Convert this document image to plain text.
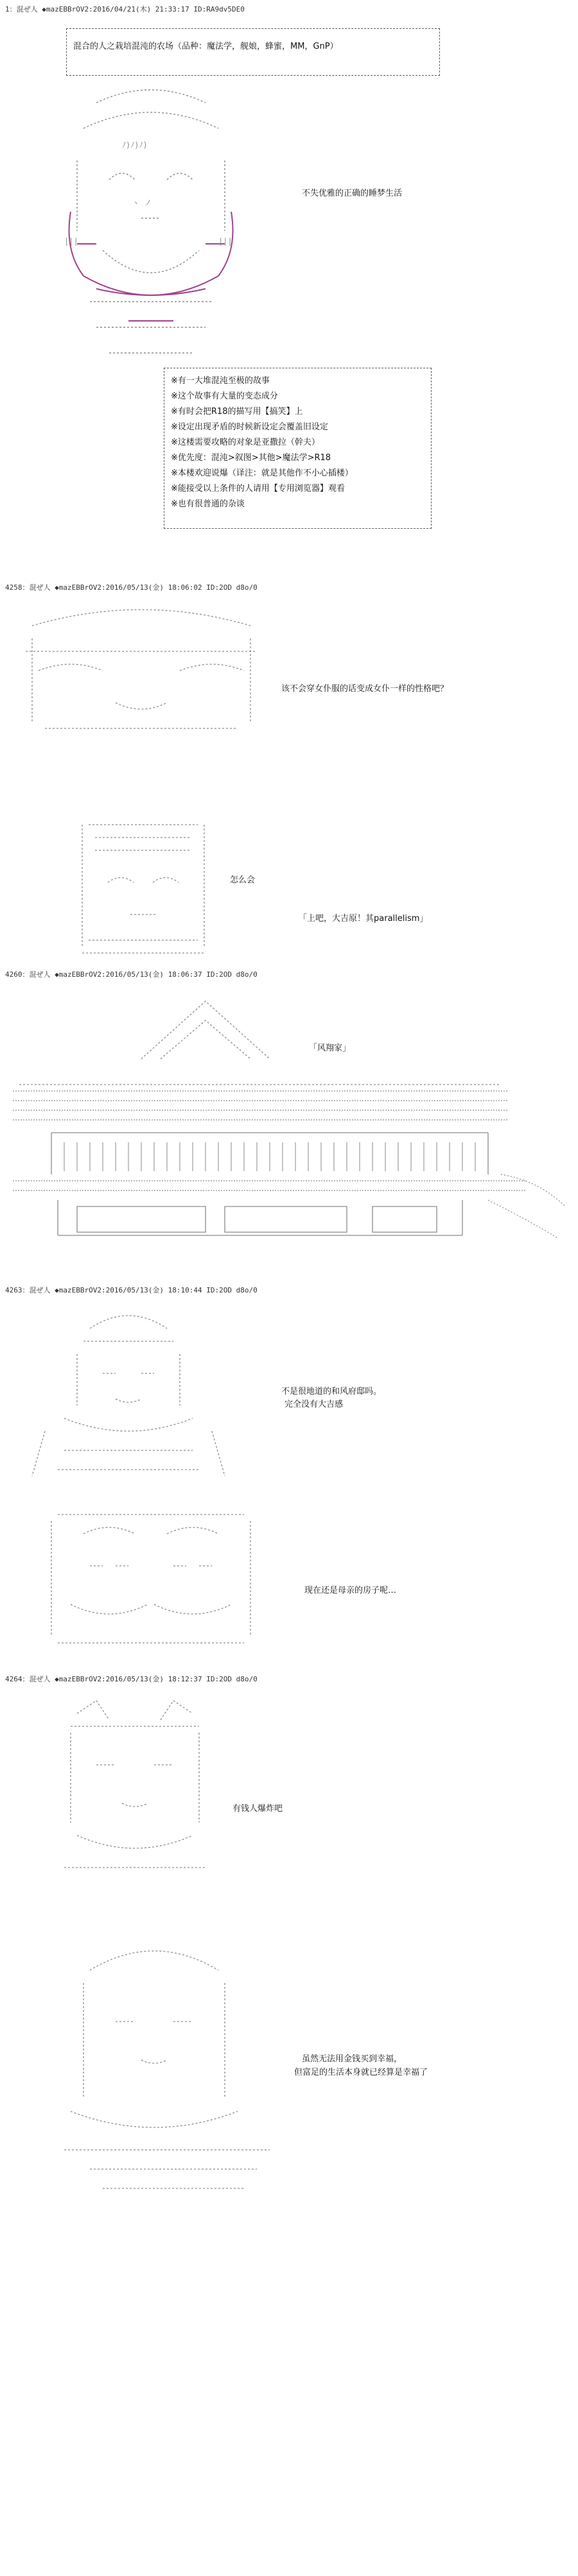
1：混ぜ人 ◆mazEBBrOV2:2016/04/21(木) 21:33:17 ID:RA9dv5DE0
混合的人之栽培混沌的农场（品种：魔法学，舰娘，蜂蜜，MM，GnP）
|||	|||
ﾉ)ﾉ)ﾉ)
ヽ ノ
不失优雅的正确的睡梦生活
※有一大堆混沌至极的故事
※这个故事有大量的变态成分
※有时会把R18的描写用【搞笑】上
※设定出现矛盾的时候新设定会覆盖旧设定
※这楼需要攻略的对象是亚撒拉（幹夫）
※优先度：混沌>叙图>其他>魔法学>R18
※本楼欢迎说爆（译注：就是其他作不小心插楼）
※能接受以上条件的人请用【专用浏览器】观看
※也有很普通的杂谈
4258：混ぜ人 ◆mazEBBrOV2:2016/05/13(金) 18:06:02 ID:2OD d8o/0
该不会穿女仆服的话变成女仆一样的性格吧？
怎么会
「上吧，大吉原！其parallelism」
4260：混ぜ人 ◆mazEBBrOV2:2016/05/13(金) 18:06:37 ID:2OD d8o/0
「风翔家」
4263：混ぜ人 ◆mazEBBrOV2:2016/05/13(金) 18:10:44 ID:2OD d8o/0
不是很地道的和风府邸吗。
完全没有大吉感
现在还是母亲的房子呢…
4264：混ぜ人 ◆mazEBBrOV2:2016/05/13(金) 18:12:37 ID:2OD d8o/0
有钱人爆炸吧
虽然无法用金钱买到幸福，
但富足的生活本身就已经算是幸福了
